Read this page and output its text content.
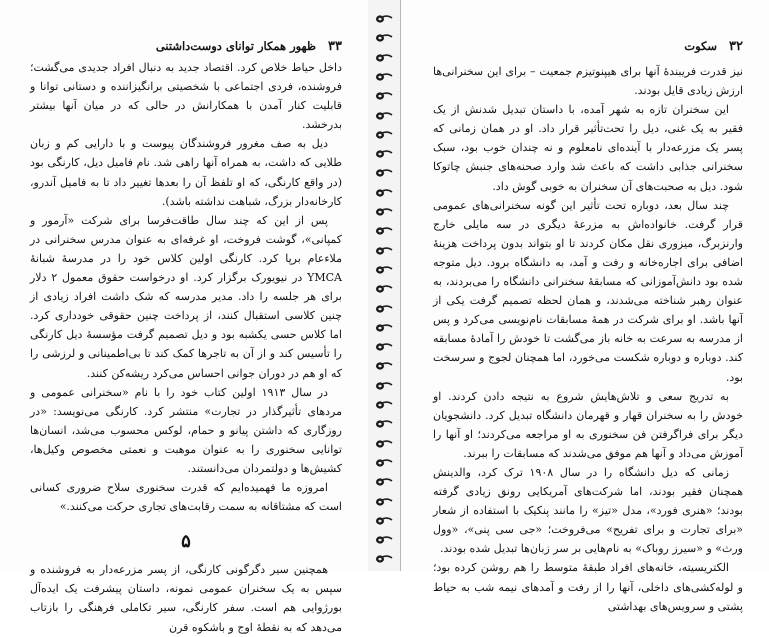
۳۳ ظهور همکار توانای دوست‌داشتنی

داخل حیاط خلاص کرد. اقتصاد جدید به دنبال افراد جدیدی می‌گشت؛ فروشنده، فردی اجتماعی با شخصیتی برانگیزاننده و دستانی توانا و قابلیت کنار آمدن با همکارانش در حالی که در میان آنها بیشتر بدرخشد.

دیل به صف مغرور فروشندگان پیوست و با دارایی کم و زبان طلایی که داشت، به همراه آنها راهی شد. نام فامیل دیل، کارنگی بود (در واقع کارنگی، که او تلفظ آن را بعدها تغییر داد تا به فامیل آندرو، کارخانه‌دار بزرگ، شباهت نداشته باشد).

پس از این که چند سال طاقت‌فرسا برای شرکت «آرمور و کمپانی»، گوشت فروخت، او غرفه‌ای به عنوان مدرس سخنرانی در ملاءعام برپا کرد. کارنگی اولین کلاس خود را در مدرسهٔ شبانهٔ YMCA در نیویورک برگزار کرد. او درخواست حقوق معمول ۲ دلار برای هر جلسه را داد. مدیر مدرسه که شک داشت افراد زیادی از چنین کلاسی استقبال کنند، از پرداخت چنین حقوقی خودداری کرد. اما کلاس حسی یکشبه بود و دیل تصمیم گرفت مؤسسهٔ دیل کارنگی را تأسیس کند و از آن به تاجرها کمک کند تا بی‌اطمینانی و لرزشی را که او هم در دوران جوانی احساس می‌کرد ریشه‌کن کنند.

در سال ۱۹۱۳ اولین کتاب خود را با نام «سخنرانی عمومی و مردهای تأثیرگذار در تجارت» منتشر کرد. کارنگی می‌نویسد: «در روزگاری که داشتن پیانو و حمام، لوکس محسوب می‌شد، انسان‌ها توانایی سخنوری را به عنوان موهبت و نعمتی مخصوص وکیل‌ها، کشیش‌ها و دولتمردان می‌دانستند.

امروزه ما فهمیده‌ایم که قدرت سخنوری سلاح ضروری کسانی است که مشتاقانه به سمت رقابت‌های تجاری حرکت می‌کنند.»

۵

همچنین سیر دگرگونی کارنگی، از پسر مزرعه‌دار به فروشنده و سپس به یک سخنران عمومی نمونه، داستان پیشرفت یک ایده‌آل بورژوایی هم است. سفر کارنگی، سیر تکاملی فرهنگی را بازتاب می‌دهد که به نقطهٔ اوج و باشکوه قرن

۳۲ سکوت

نیز قدرت فریبندهٔ آنها برای هیپنوتیزم جمعیت – برای این سخنرانی‌ها ارزش زیادی قایل بودند.

این سخنران تازه به شهر آمده، با داستان تبدیل شدنش از یک فقیر به یک غنی، دیل را تحت‌تأثیر قرار داد. او در همان زمانی که پسر یک مزرعه‌دار با آینده‌ای نامعلوم و نه چندان خوب بود، سبک سخنرانی جذابی داشت که باعث شد وارد صحنه‌های جنبش چاتوکا شود. دیل به صحبت‌های آن سخنران به خوبی گوش داد.

چند سال بعد، دوباره تحت تأثیر این گونه سخنرانی‌های عمومی قرار گرفت. خانواده‌اش به مزرعهٔ دیگری در سه مایلی خارج وارنزبرگ، میزوری نقل مکان کردند تا او بتواند بدون پرداخت هزینهٔ اضافی برای اجاره‌خانه و رفت و آمد، به دانشگاه برود. دیل متوجه شده بود دانش‌آموزانی که مسابقهٔ سخنرانی دانشگاه را می‌بردند، به عنوان رهبر شناخته می‌شدند، و همان لحظه تصمیم گرفت یکی از آنها باشد. او برای شرکت در همهٔ مسابقات نام‌نویسی می‌کرد و پس از مدرسه به سرعت به خانه باز می‌گشت تا خودش را آمادهٔ مسابقه کند. دوباره و دوباره شکست می‌خورد، اما همچنان لجوج و سرسخت بود.

به تدریج سعی و تلاش‌هایش شروع به نتیجه دادن کردند. او خودش را به سخنران قهار و قهرمان دانشگاه تبدیل کرد. دانشجویان دیگر برای فراگرفتن فن سخنوری به او مراجعه می‌کردند؛ او آنها را آموزش می‌داد و آنها هم موفق می‌شدند که مسابقات را ببرند.

زمانی که دیل دانشگاه را در سال ۱۹۰۸ ترک کرد، والدینش همچنان فقیر بودند، اما شرکت‌های آمریکایی رونق زیادی گرفته بودند؛ «هنری فورد»، مدل «تیز» را مانند پنکیک با استفاده از شعار «برای تجارت و برای تفریح» می‌فروخت؛ «جی سی پنی»، «وول ورث» و «سیرز روباک» به نام‌هایی بر سر زبان‌ها تبدیل شده بودند.

الکتریسیته، خانه‌های افراد طبقهٔ متوسط را هم روشن کرده بود؛ و لوله‌کشی‌های داخلی، آنها را از رفت و آمدهای نیمه شب به حیاط پشتی و سرویس‌های بهداشتی
